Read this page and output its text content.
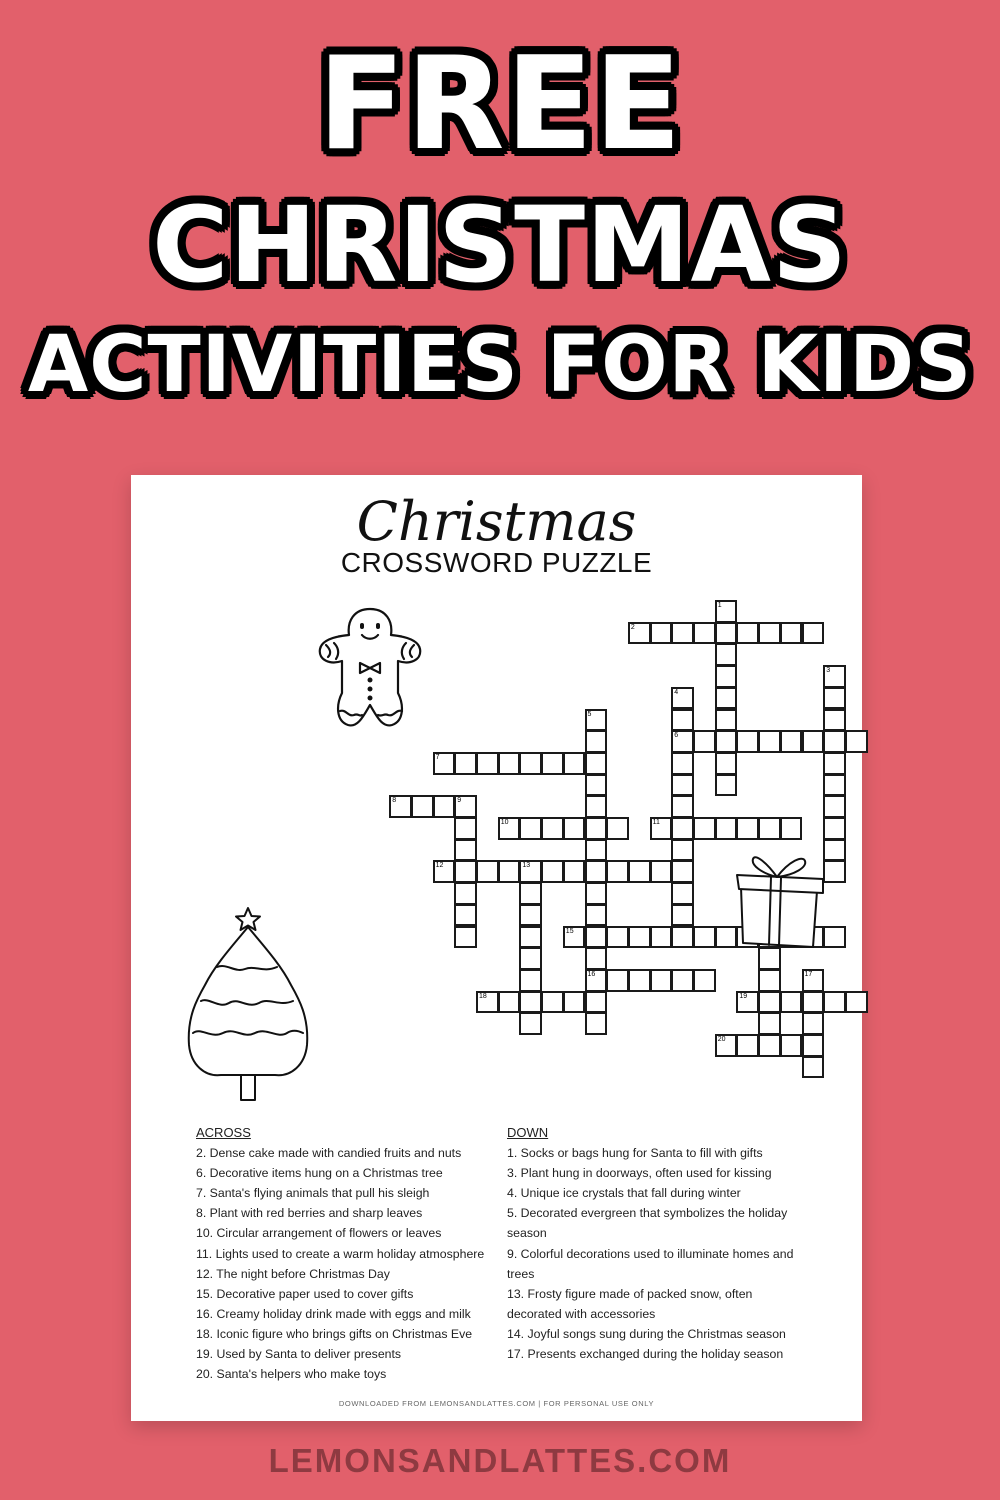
FREE
CHRISTMAS
ACTIVITIES FOR KIDS
Christmas
CROSSWORD PUZZLE
1
2
3
4
6
5
16
7
8	9
10	11
12	13
15
17
18	19
20
ACROSS
2. Dense cake made with candied fruits and nuts
6. Decorative items hung on a Christmas tree
7. Santa's flying animals that pull his sleigh
8. Plant with red berries and sharp leaves
10. Circular arrangement of flowers or leaves
11. Lights used to create a warm holiday atmosphere
12. The night before Christmas Day
15. Decorative paper used to cover gifts
16. Creamy holiday drink made with eggs and milk
18. Iconic figure who brings gifts on Christmas Eve
19. Used by Santa to deliver presents
20. Santa's helpers who make toys
DOWN
1. Socks or bags hung for Santa to fill with gifts
3. Plant hung in doorways, often used for kissing
4. Unique ice crystals that fall during winter
5. Decorated evergreen that symbolizes the holiday season
9. Colorful decorations used to illuminate homes and trees
13. Frosty figure made of packed snow, often decorated with accessories
14. Joyful songs sung during the Christmas season
17. Presents exchanged during the holiday season
DOWNLOADED FROM LEMONSANDLATTES.COM | FOR PERSONAL USE ONLY
LEMONSANDLATTES.COM
